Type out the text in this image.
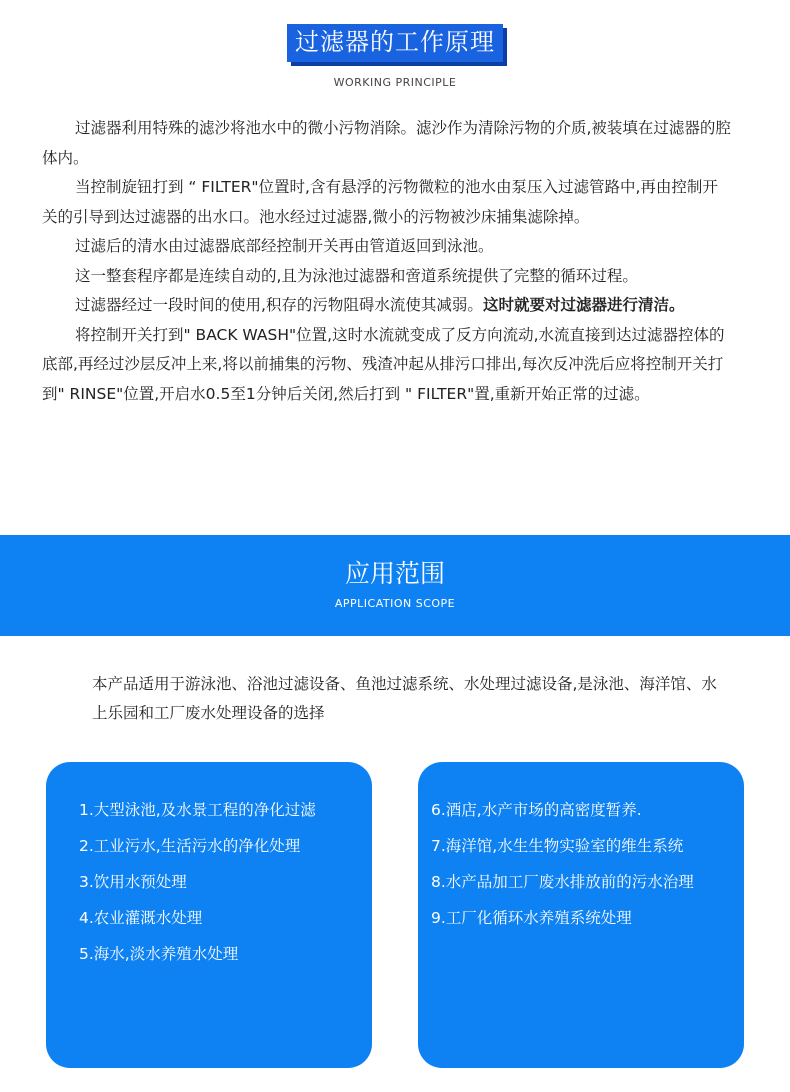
过滤器的工作原理
WORKING PRINCIPLE

过滤器利用特殊的滤沙将池水中的微小污物消除。滤沙作为清除污物的介质,被装填在过滤器的腔体内。

当控制旋钮打到 “ FILTER"位置时,含有悬浮的污物微粒的池水由泵压入过滤管路中,再由控制开关的引导到达过滤器的出水口。池水经过过滤器,微小的污物被沙床捕集滤除掉。

过滤后的清水由过滤器底部经控制开关再由管道返回到泳池。

这一整套程序都是连续自动的,且为泳池过滤器和啻道系统提供了完整的循环过程。

过滤器经过一段时间的使用,积存的污物阻碍水流使其减弱。这时就要对过滤器进行清洁。

将控制开关打到" BACK WASH"位置,这时水流就变成了反方向流动,水流直接到达过滤器控体的底部,再经过沙层反冲上来,将以前捕集的污物、残渣冲起从排污口排出,每次反冲洗后应将控制开关打到" RINSE"位置,开启水0.5至1分钟后关闭,然后打到 " FILTER"置,重新开始正常的过滤。

应用范围
APPLICATION SCOPE
本产品适用于游泳池、浴池过滤设备、鱼池过滤系统、水处理过滤设备,是泳池、海洋馆、水上乐园和工厂废水处理设备的选择
1.大型泳池,及水景工程的净化过滤
2.工业污水,生活污水的净化处理
3.饮用水预处理
4.农业灌溉水处理
5.海水,淡水养殖水处理
6.酒店,水产市场的高密度暂养.
7.海洋馆,水生生物实验室的维生系统
8.水产品加工厂废水排放前的污水治理
9.工厂化循环水养殖系统处理
